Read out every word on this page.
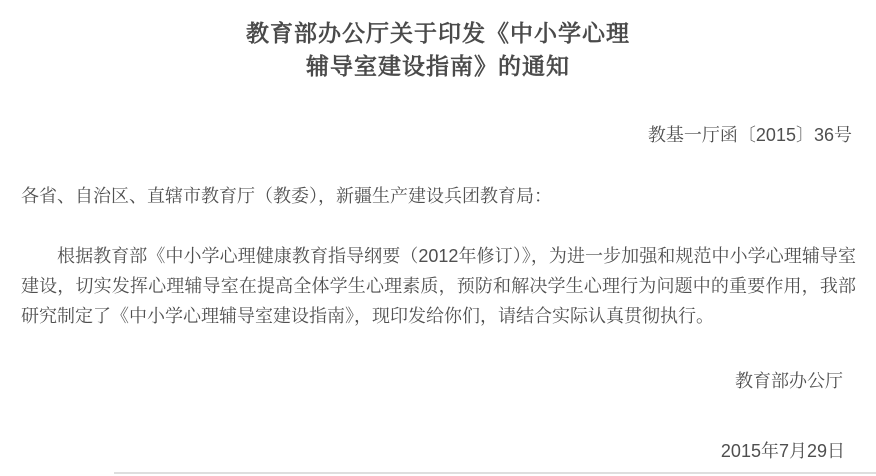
教育部办公厅关于印发《中小学心理
辅导室建设指南》的通知
教基一厅函〔2015〕36号
各省、自治区、直辖市教育厅（教委），新疆生产建设兵团教育局：

根据教育部《中小学心理健康教育指导纲要（2012年修订）》，为进一步加强和规范中小学心理辅导室建设，切实发挥心理辅导室在提高全体学生心理素质，预防和解决学生心理行为问题中的重要作用，我部研究制定了《中小学心理辅导室建设指南》，现印发给你们，请结合实际认真贯彻执行。

教育部办公厅
2015年7月29日
